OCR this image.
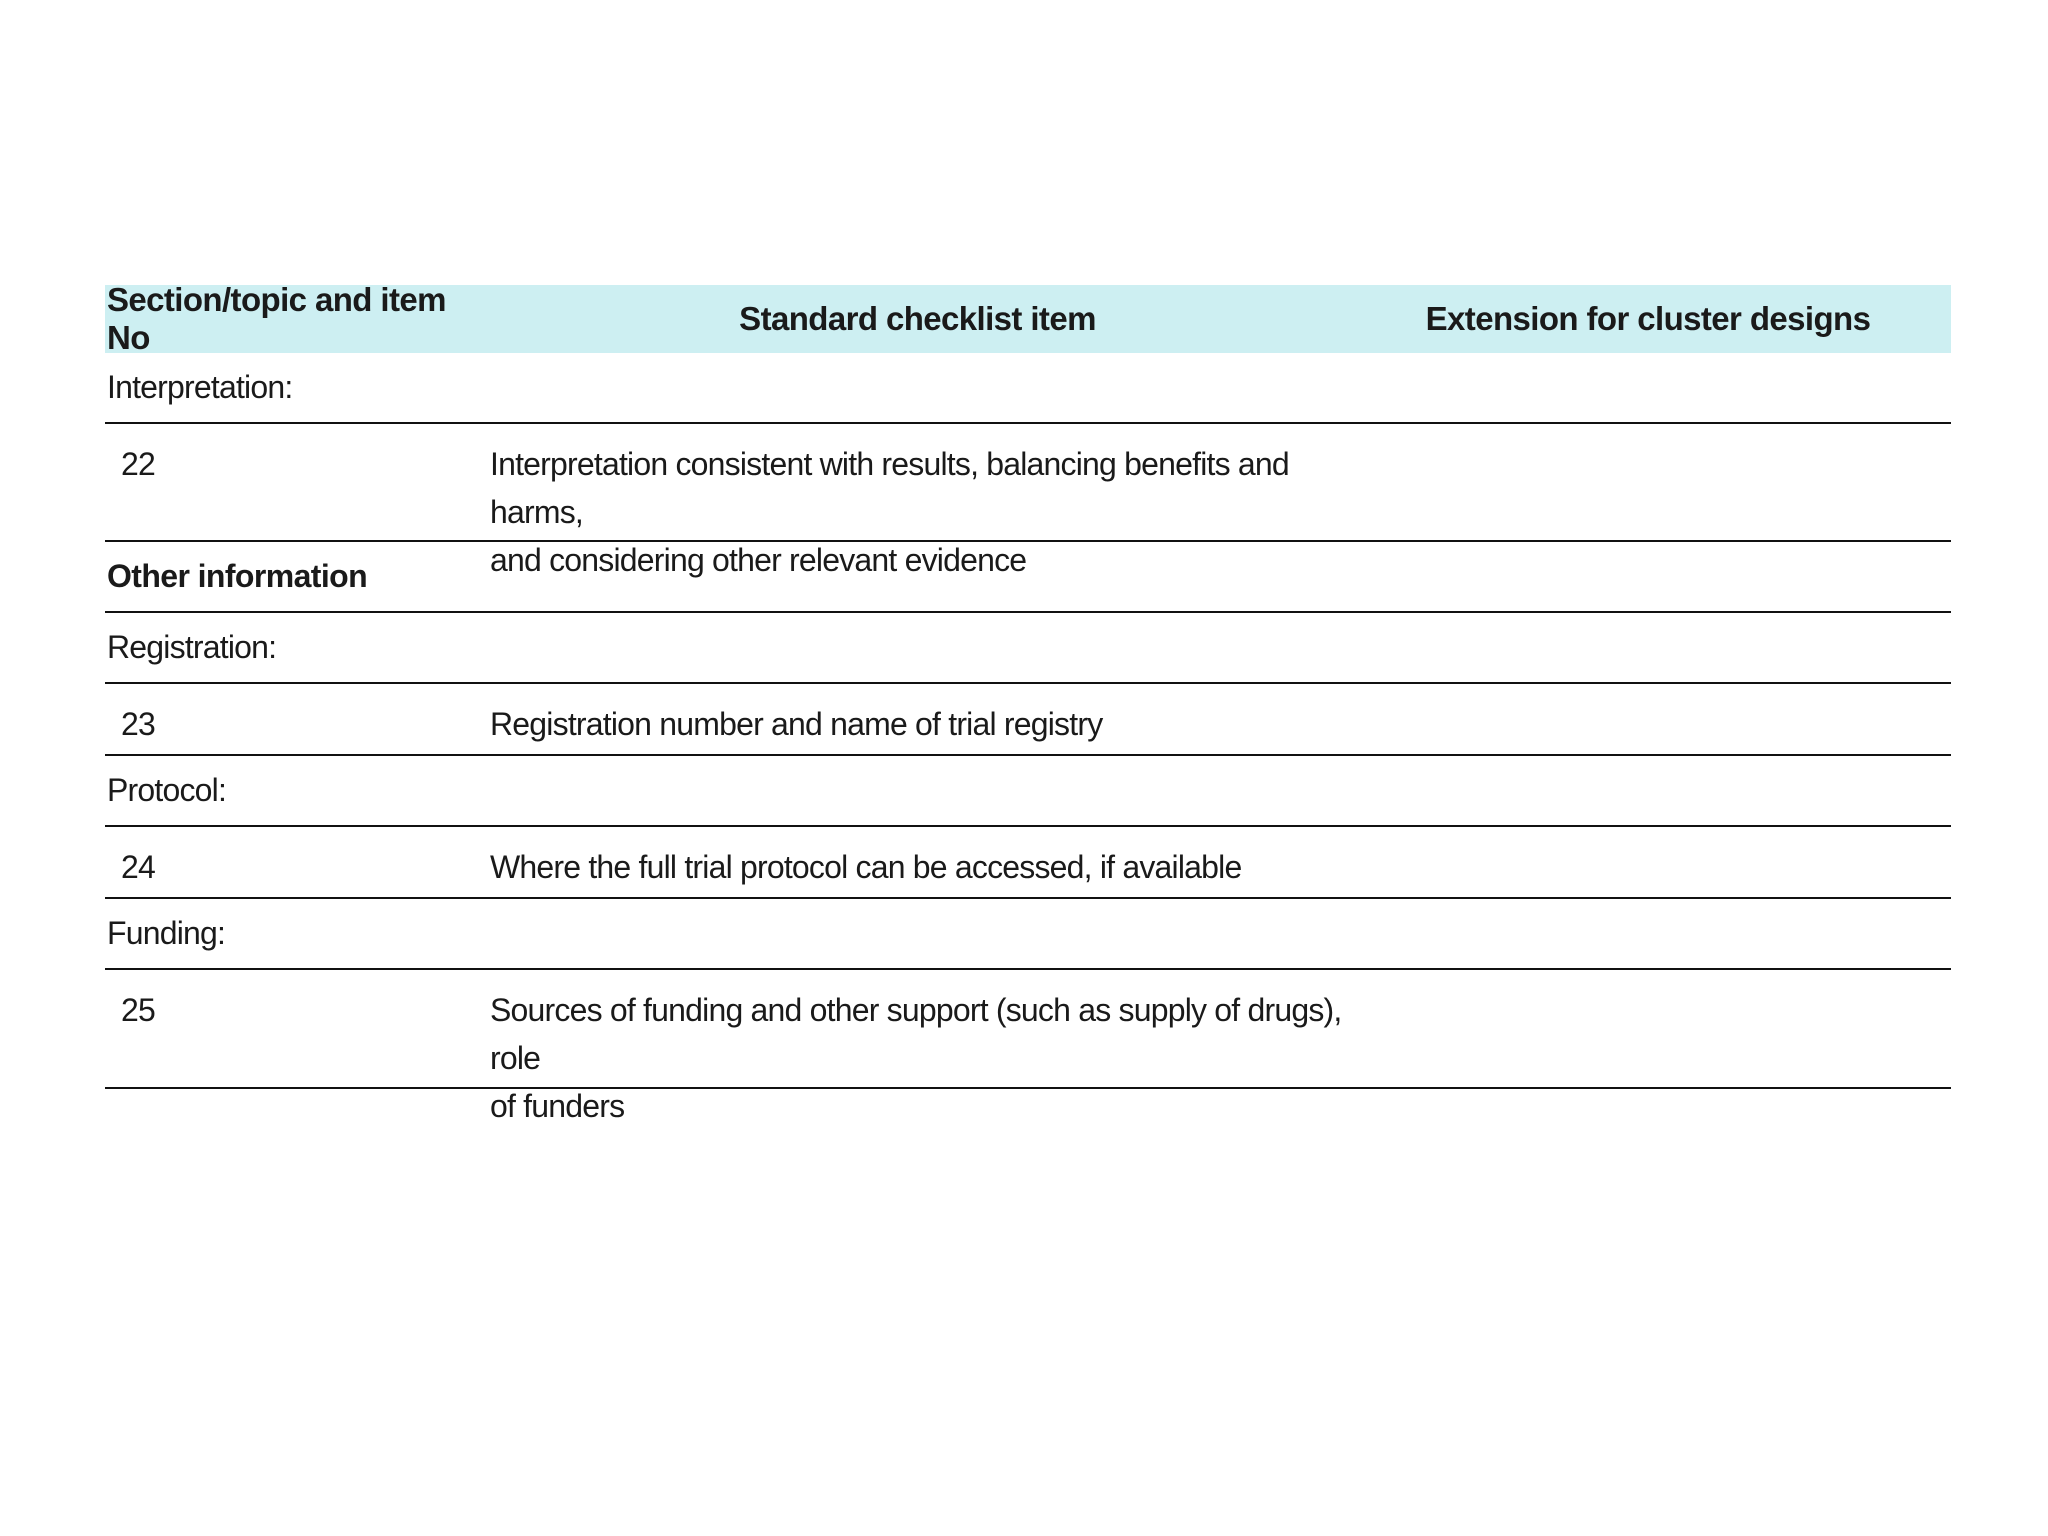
Section/topic and item No
Standard checklist item	Extension for cluster designs
Interpretation:
22	Interpretation consistent with results, balancing benefits and harms,
and considering other relevant evidence
Other information
Registration:
23	Registration number and name of trial registry
Protocol:
24	Where the full trial protocol can be accessed, if available
Funding:
25	Sources of funding and other support (such as supply of drugs), role
of funders
